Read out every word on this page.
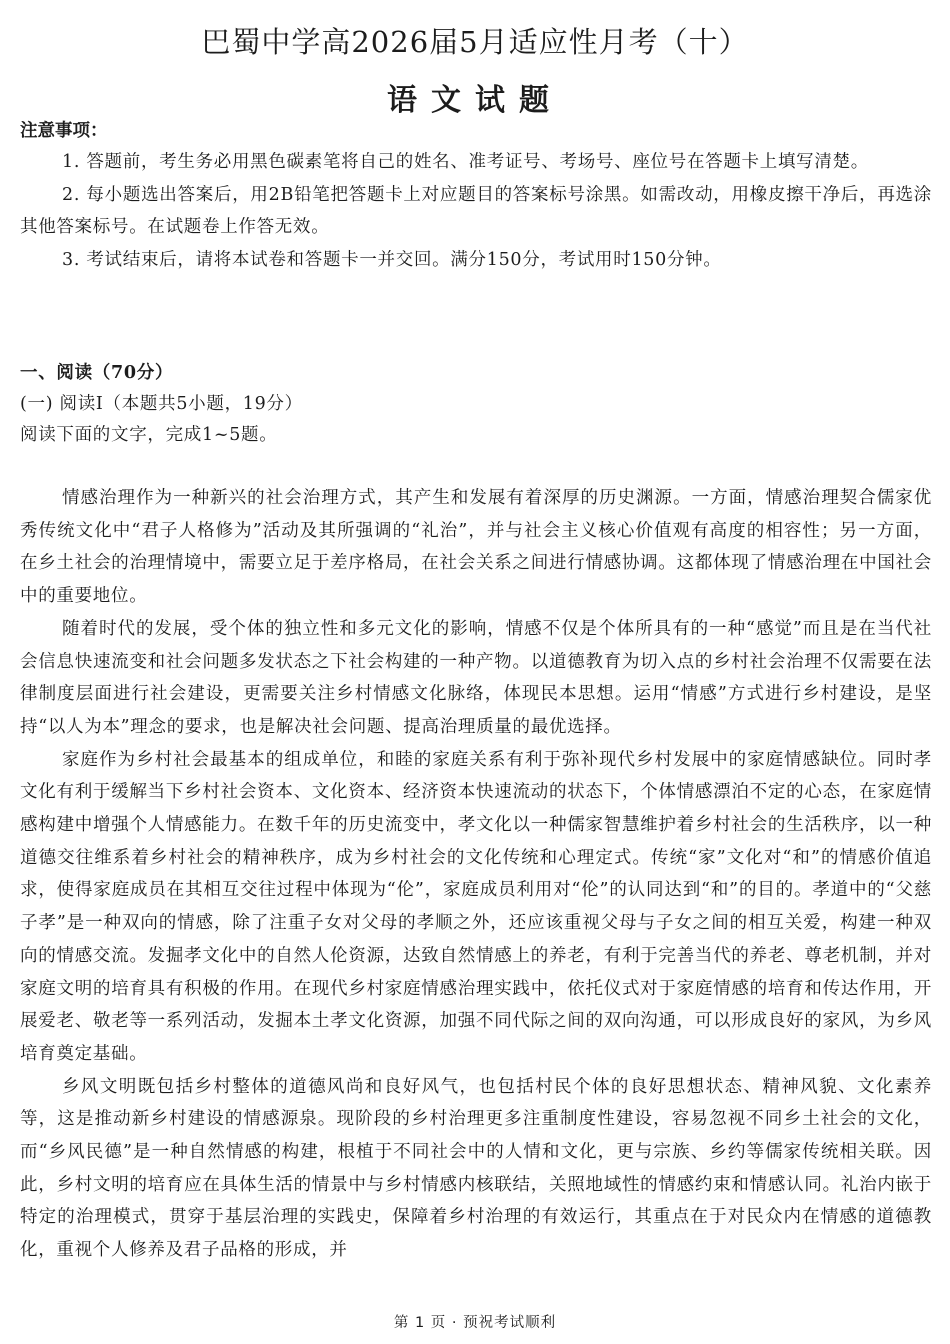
巴蜀中学高2026届5月适应性月考（十）
语文试题
注意事项：

1. 答题前，考生务必用黑色碳素笔将自己的姓名、准考证号、考场号、座位号在答题卡上填写清楚。

2. 每小题选出答案后，用2B铅笔把答题卡上对应题目的答案标号涂黑。如需改动，用橡皮擦干净后，再选涂其他答案标号。在试题卷上作答无效。

3. 考试结束后，请将本试卷和答题卡一并交回。满分150分，考试用时150分钟。

一、阅读（70分）

(一) 阅读Ⅰ（本题共5小题，19分）

阅读下面的文字，完成1~5题。

情感治理作为一种新兴的社会治理方式，其产生和发展有着深厚的历史渊源。一方面，情感治理契合儒家优秀传统文化中“君子人格修为”活动及其所强调的“礼治”，并与社会主义核心价值观有高度的相容性；另一方面，在乡土社会的治理情境中，需要立足于差序格局，在社会关系之间进行情感协调。这都体现了情感治理在中国社会中的重要地位。

随着时代的发展，受个体的独立性和多元文化的影响，情感不仅是个体所具有的一种“感觉”而且是在当代社会信息快速流变和社会问题多发状态之下社会构建的一种产物。以道德教育为切入点的乡村社会治理不仅需要在法律制度层面进行社会建设，更需要关注乡村情感文化脉络，体现民本思想。运用“情感”方式进行乡村建设，是坚持“以人为本”理念的要求，也是解决社会问题、提高治理质量的最优选择。

家庭作为乡村社会最基本的组成单位，和睦的家庭关系有利于弥补现代乡村发展中的家庭情感缺位。同时孝文化有利于缓解当下乡村社会资本、文化资本、经济资本快速流动的状态下，个体情感漂泊不定的心态，在家庭情感构建中增强个人情感能力。在数千年的历史流变中，孝文化以一种儒家智慧维护着乡村社会的生活秩序，以一种道德交往维系着乡村社会的精神秩序，成为乡村社会的文化传统和心理定式。传统“家”文化对“和”的情感价值追求，使得家庭成员在其相互交往过程中体现为“伦”，家庭成员利用对“伦”的认同达到“和”的目的。孝道中的“父慈子孝”是一种双向的情感，除了注重子女对父母的孝顺之外，还应该重视父母与子女之间的相互关爱，构建一种双向的情感交流。发掘孝文化中的自然人伦资源，达致自然情感上的养老，有利于完善当代的养老、尊老机制，并对家庭文明的培育具有积极的作用。在现代乡村家庭情感治理实践中，依托仪式对于家庭情感的培育和传达作用，开展爱老、敬老等一系列活动，发掘本土孝文化资源，加强不同代际之间的双向沟通，可以形成良好的家风，为乡风培育奠定基础。

乡风文明既包括乡村整体的道德风尚和良好风气，也包括村民个体的良好思想状态、精神风貌、文化素养等，这是推动新乡村建设的情感源泉。现阶段的乡村治理更多注重制度性建设，容易忽视不同乡土社会的文化，而“乡风民德”是一种自然情感的构建，根植于不同社会中的人情和文化，更与宗族、乡约等儒家传统相关联。因此，乡村文明的培育应在具体生活的情景中与乡村情感内核联结，关照地域性的情感约束和情感认同。礼治内嵌于特定的治理模式，贯穿于基层治理的实践史，保障着乡村治理的有效运行，其重点在于对民众内在情感的道德教化，重视个人修养及君子品格的形成，并

第 1 页 · 预祝考试顺利
